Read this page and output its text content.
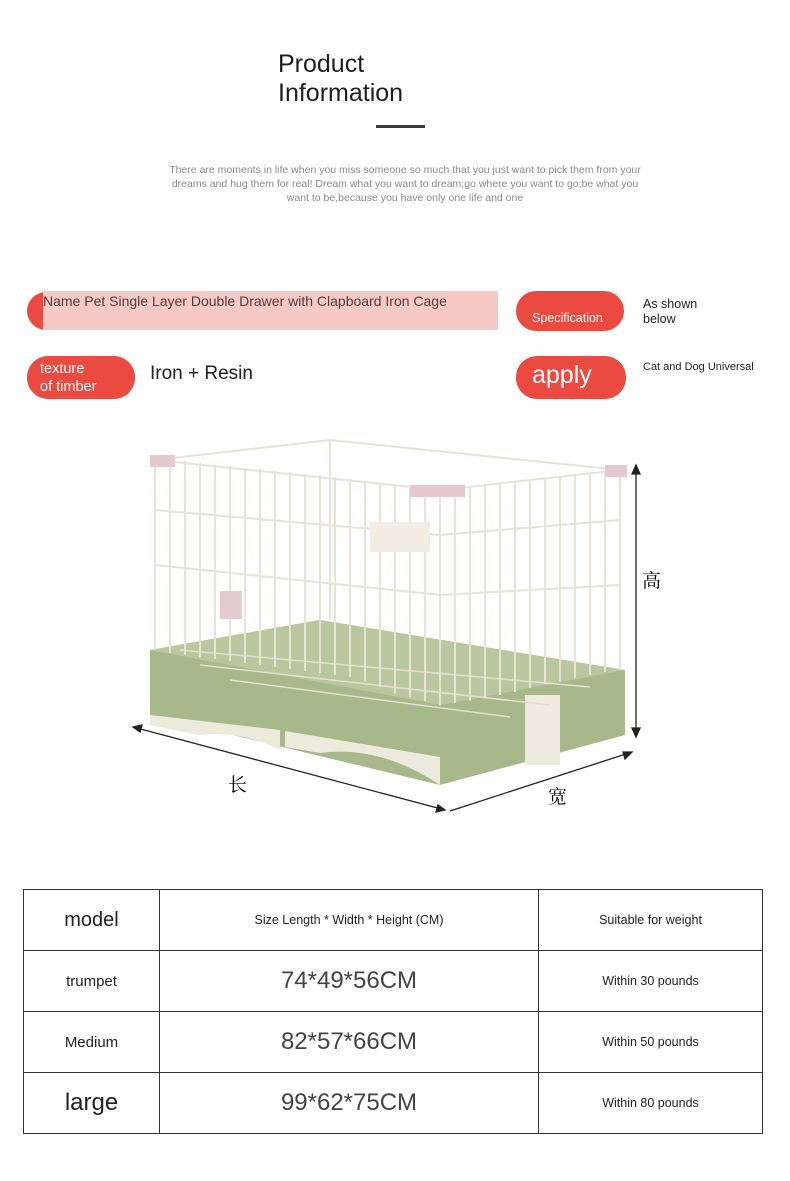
Product
Information
There are moments in life when you miss someone so much that you just want to pick them from your dreams and hug them for real! Dream what you want to dream;go where you want to go;be what you want to be,because you have only one life and one
Name Pet Single Layer Double Drawer with Clapboard Iron Cage
Specification
As shown below
texture
of timber
Iron + Resin	apply	Cat and Dog Universal
高
长
宽
model	Size Length * Width * Height (CM)	Suitable for weight
trumpet	74*49*56CM	Within 30 pounds
Medium	82*57*66CM	Within 50 pounds
large	99*62*75CM	Within 80 pounds
